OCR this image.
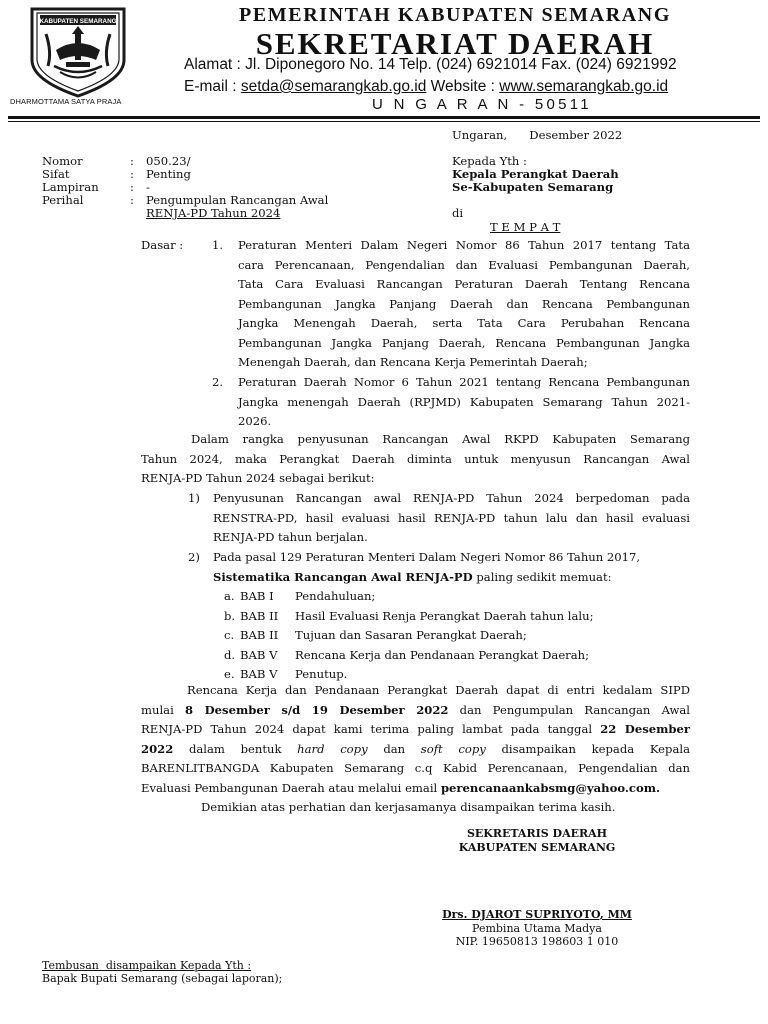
KABUPATEN SEMARANG
DHARMOTTAMA SATYA PRAJA
PEMERINTAH KABUPATEN SEMARANG
SEKRETARIAT DAERAH
Alamat : Jl. Diponegoro No. 14 Telp. (024) 6921014 Fax. (024) 6921992
E-mail : setda@semarangkab.go.id Website : www.semarangkab.go.id
U N G A R A N - 50511
Ungaran,      Desember 2022
Nomor
Sifat
Lampiran
Perihal
:
:
:
:
050.23/
Penting
-
Pengumpulan Rancangan Awal
RENJA-PD Tahun 2024
Kepada Yth :
Kepala Perangkat Daerah
Se-Kabupaten Semarang
di
T E M P A T
Dasar : 1. Peraturan Menteri Dalam Negeri Nomor 86 Tahun 2017 tentang Tata
cara Perencanaan, Pengendalian dan Evaluasi Pembangunan Daerah,
Tata Cara Evaluasi Rancangan Peraturan Daerah Tentang Rencana
Pembangunan Jangka Panjang Daerah dan Rencana Pembangunan
Jangka Menengah Daerah, serta Tata Cara Perubahan Rencana
Pembangunan Jangka Panjang Daerah, Rencana Pembangunan Jangka
Menengah Daerah, dan Rencana Kerja Pemerintah Daerah;
2. Peraturan Daerah Nomor 6 Tahun 2021 tentang Rencana Pembangunan
Jangka menengah Daerah (RPJMD) Kabupaten Semarang Tahun 2021-
2026.
Dalam rangka penyusunan Rancangan Awal RKPD Kabupaten Semarang
Tahun 2024, maka Perangkat Daerah diminta untuk menyusun Rancangan Awal
RENJA-PD Tahun 2024 sebagai berikut:
1) Penyusunan Rancangan awal RENJA-PD Tahun 2024 berpedoman pada
RENSTRA-PD, hasil evaluasi hasil RENJA-PD tahun lalu dan hasil evaluasi
RENJA-PD tahun berjalan.
2) Pada pasal 129 Peraturan Menteri Dalam Negeri Nomor 86 Tahun 2017,
Sistematika Rancangan Awal RENJA-PD paling sedikit memuat:
a. BAB I Pendahuluan;
b. BAB II Hasil Evaluasi Renja Perangkat Daerah tahun lalu;
c. BAB II Tujuan dan Sasaran Perangkat Daerah;
d. BAB V Rencana Kerja dan Pendanaan Perangkat Daerah;
e. BAB V Penutup.
Rencana Kerja dan Pendanaan Perangkat Daerah dapat di entri kedalam SIPD
mulai 8 Desember s/d 19 Desember 2022 dan Pengumpulan Rancangan Awal
RENJA-PD Tahun 2024 dapat kami terima paling lambat pada tanggal 22 Desember
2022 dalam bentuk hard copy dan soft copy disampaikan kepada Kepala
BARENLITBANGDA Kabupaten Semarang c.q Kabid Perencanaan, Pengendalian dan
Evaluasi Pembangunan Daerah atau melalui email perencanaankabsmg@yahoo.com.
Demikian atas perhatian dan kerjasamanya disampaikan terima kasih.
SEKRETARIS DAERAH
KABUPATEN SEMARANG
Drs. DJAROT SUPRIYOTO, MM
Pembina Utama Madya
NIP. 19650813 198603 1 010
Tembusan  disampaikan Kepada Yth :
Bapak Bupati Semarang (sebagai laporan);
